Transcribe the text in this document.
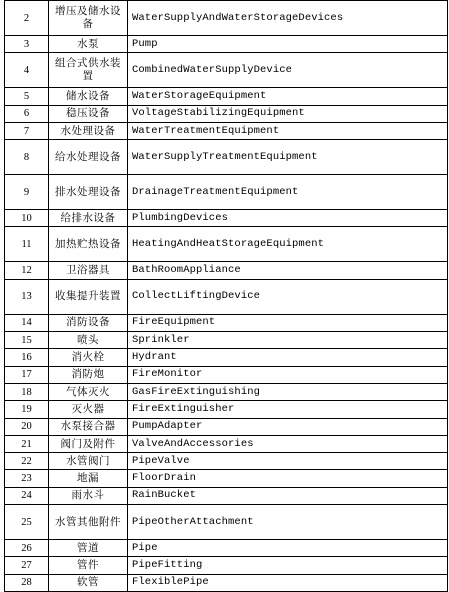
2	增压及储水设备	WaterSupplyAndWaterStorageDevices
3	水泵	Pump
4	组合式供水装置	CombinedWaterSupplyDevice
5	储水设备	WaterStorageEquipment
6	稳压设备	VoltageStabilizingEquipment
7	水处理设备	WaterTreatmentEquipment
8	给水处理设备	WaterSupplyTreatmentEquipment
9	排水处理设备	DrainageTreatmentEquipment
10	给排水设备	PlumbingDevices
11	加热贮热设备	HeatingAndHeatStorageEquipment
12	卫浴器具	BathRoomAppliance
13	收集提升装置	CollectLiftingDevice
14	消防设备	FireEquipment
15	喷头	Sprinkler
16	消火栓	Hydrant
17	消防炮	FireMonitor
18	气体灭火	GasFireExtinguishing
19	灭火器	FireExtinguisher
20	水泵接合器	PumpAdapter
21	阀门及附件	ValveAndAccessories
22	水管阀门	PipeValve
23	地漏	FloorDrain
24	雨水斗	RainBucket
25	水管其他附件	PipeOtherAttachment
26	管道	Pipe
27	管件	PipeFitting
28	软管	FlexiblePipe
